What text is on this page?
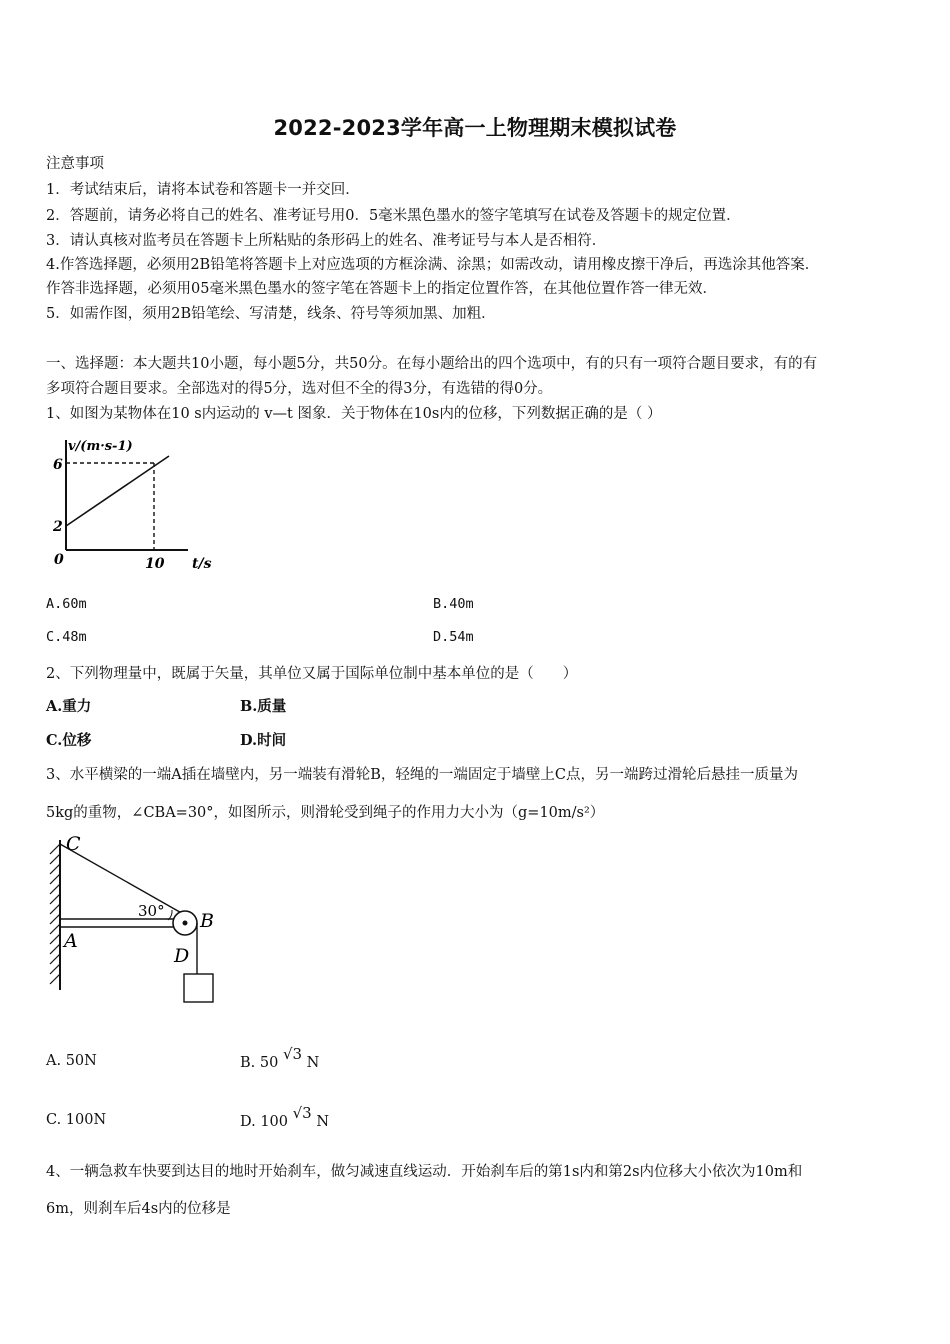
2022-2023学年高一上物理期末模拟试卷
注意事项
1．考试结束后，请将本试卷和答题卡一并交回．
2．答题前，请务必将自己的姓名、准考证号用0．5毫米黑色墨水的签字笔填写在试卷及答题卡的规定位置．
3．请认真核对监考员在答题卡上所粘贴的条形码上的姓名、准考证号与本人是否相符．
4.作答选择题，必须用2B铅笔将答题卡上对应选项的方框涂满、涂黑；如需改动，请用橡皮擦干净后，再选涂其他答案．
作答非选择题，必须用05毫米黑色墨水的签字笔在答题卡上的指定位置作答，在其他位置作答一律无效．
5．如需作图，须用2B铅笔绘、写清楚，线条、符号等须加黑、加粗．
一、选择题：本大题共10小题，每小题5分，共50分。在每小题给出的四个选项中，有的只有一项符合题目要求，有的有
多项符合题目要求。全部选对的得5分，选对但不全的得3分，有选错的得0分。
1、如图为某物体在10 s内运动的 v—t 图象．关于物体在10s内的位移，下列数据正确的是（ ）
v/(m·s-1)
6
2
0	10 t/s
A.60m	B.40m
C.48m	D.54m
2、下列物理量中，既属于矢量，其单位又属于国际单位制中基本单位的是（　　）
A.重力	B.质量
C.位移	D.时间
3、水平横梁的一端A插在墙壁内，另一端装有滑轮B，轻绳的一端固定于墙壁上C点，另一端跨过滑轮后悬挂一质量为
5kg的重物，∠CBA=30°，如图所示，则滑轮受到绳子的作用力大小为（g=10m/s²）
C
A
B
D
30°
A. 50N	B. 50 √3 N
C. 100N	D. 100 √3 N
4、一辆急救车快要到达目的地时开始刹车，做匀减速直线运动．开始刹车后的第1s内和第2s内位移大小依次为10m和
6m，则刹车后4s内的位移是
